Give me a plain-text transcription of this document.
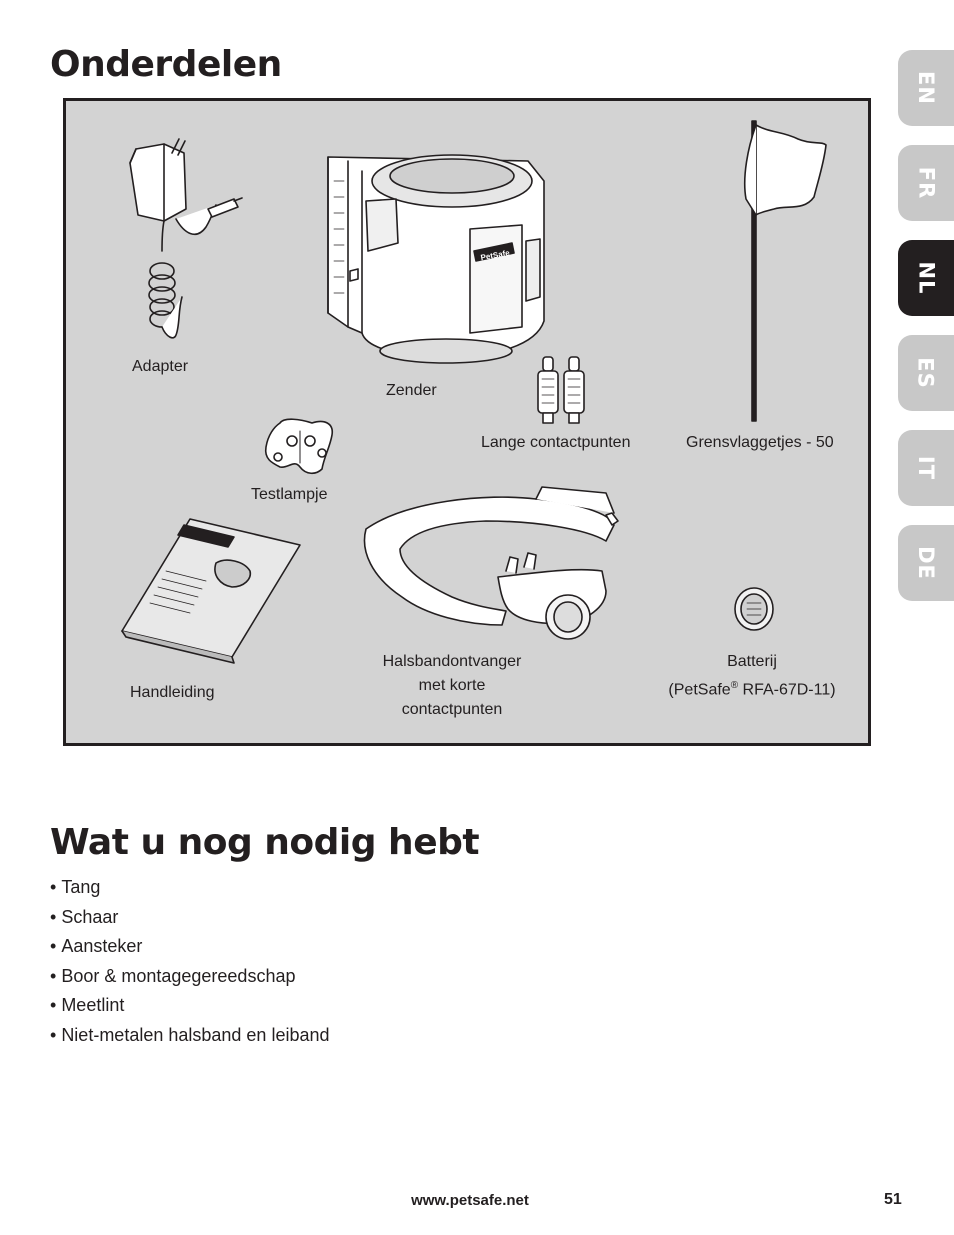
Onderdelen
EN
FR
NL
ES
IT
DE
PetSafe
Adapter
Zender
Lange contactpunten	Grensvlaggetjes - 50
Testlampje
Handleiding
Halsbandontvanger
met korte
contactpunten
Batterij
(PetSafe® RFA-67D-11)
Wat u nog nodig hebt
• Tang
• Schaar
• Aansteker
• Boor & montagegereedschap
• Meetlint
• Niet-metalen halsband en leiband
www.petsafe.net	51
